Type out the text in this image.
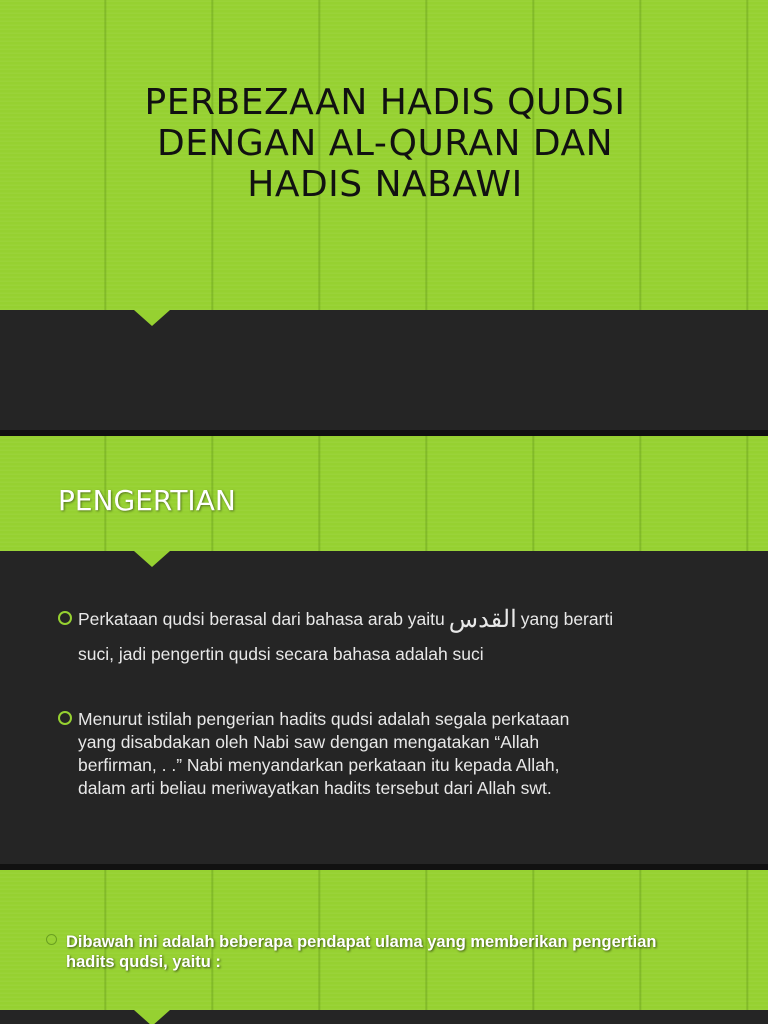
PERBEZAAN HADIS QUDSI
DENGAN AL-QURAN DAN
HADIS NABAWI
PENGERTIAN
Perkataan qudsi berasal dari bahasa arab yaitu القدس yang berarti
suci, jadi pengertin qudsi secara bahasa adalah suci
Menurut istilah pengerian hadits qudsi adalah segala perkataan
yang disabdakan oleh Nabi saw dengan mengatakan “Allah
berfirman, . .” Nabi menyandarkan perkataan itu kepada Allah,
dalam arti beliau meriwayatkan hadits tersebut dari Allah swt.
Dibawah ini adalah beberapa pendapat ulama yang memberikan pengertian
hadits qudsi, yaitu :
